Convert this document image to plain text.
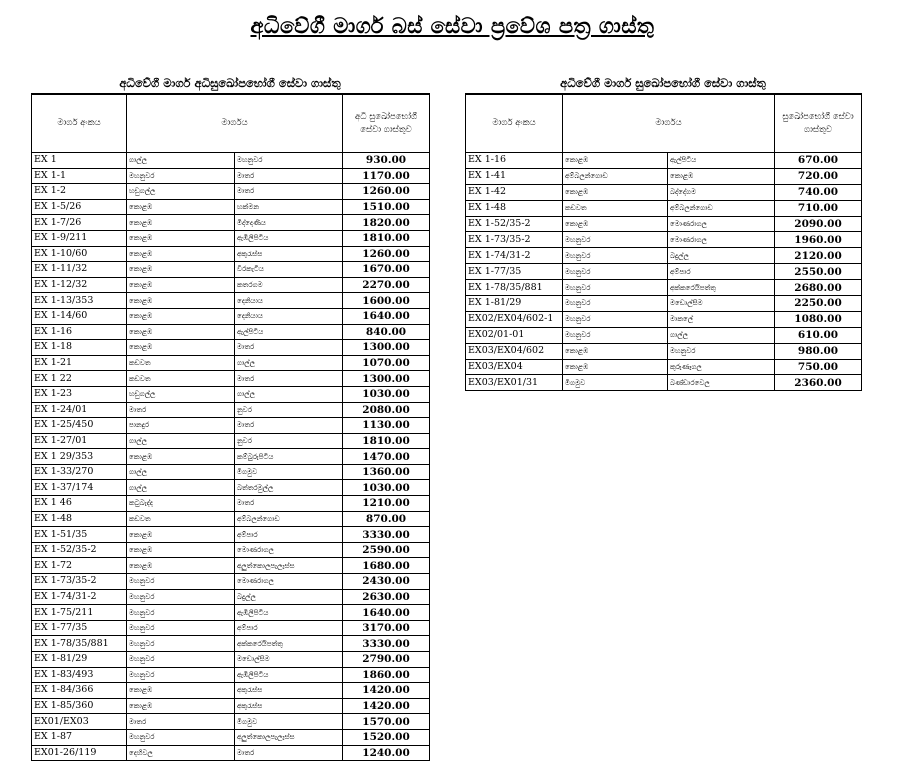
අධිවේගී මාර්ග බස් සේවා ප්‍රවේශ පත්‍ර ගාස්තු
අධිවේගී මාර්ග අධිසුඛෝපභෝගී සේවා ගාස්තු	අධිවේගී මාර්ග සුඛෝපභෝගී සේවා ගාස්තු
මාර්ග අංකය	මාර්ගය		අධි සුඛෝපභෝගී සේවා ගාස්තුව
EX 1	ගාල්ල	මහනුවර	930.00
EX 1-1	මහනුවර	මාතර	1170.00
EX 1-2	හඩුගල්ල	මාතර	1260.00
EX 1-5/26	කොළඹ	හක්මන	1510.00
EX 1-7/26	කොළඹ	මිද්දෙණිය	1820.00
EX 1-9/211	කොළඹ	ඇඹිලිපිටිය	1810.00
EX 1-10/60	කොළඹ	අකුරැස්ස	1260.00
EX 1-11/32	කොළඹ	වීරකැටිය	1670.00
EX 1-12/32	කොළඹ	කතරගම	2270.00
EX 1-13/353	කොළඹ	දෙනියාය	1600.00
EX 1-14/60	කොළඹ	දෙනියාය	1640.00
EX 1-16	කොළඹ	ඇල්පිටිය	840.00
EX 1-18	කොළඹ	මාතර	1300.00
EX 1-21	කඩවත	ගාල්ල	1070.00
EX 1 22	කඩවත	මාතර	1300.00
EX 1-23	හඩුගල්ල	ගාල්ල	1030.00
EX 1-24/01	මාතර	නුවර	2080.00
EX 1-25/450	පානදුර	මාතර	1130.00
EX 1-27/01	ගාල්ල	නුවර	1810.00
EX 1 29/353	කොළඹ	කම්බුරුපිටිය	1470.00
EX 1-33/270	ගාල්ල	මීගමුව	1360.00
EX 1-37/174	ගාල්ල	බත්තරමුල්ල	1030.00
EX 1 46	කටුබැද්ද	මාතර	1210.00
EX 1-48	කඩවත	අම්බලන්ගොඩ	870.00
EX 1-51/35	කොළඹ	අම්පාර	3330.00
EX 1-52/35-2	කොළඹ	මොණරාගල	2590.00
EX 1-72	කොළඹ	අලුත්කොලපැලැස්ස	1680.00
EX 1-73/35-2	මහනුවර	මොණරාගල	2430.00
EX 1-74/31-2	මහනුවර	බදුල්ල	2630.00
EX 1-75/211	මහනුවර	ඇඹිලිපිටිය	1640.00
EX 1-77/35	මහනුවර	අම්පාර	3170.00
EX 1-78/35/881	මහනුවර	අක්කරෙයිපත්තු	3330.00
EX 1-81/29	මහනුවර	මඩොල්සිම	2790.00
EX 1-83/493	මහනුවර	ඇඹිලිපිටිය	1860.00
EX 1-84/366	කොළඹ	අකුරැස්ස	1420.00
EX 1-85/360	කොළඹ	අකුරැස්ස	1420.00
EX01/EX03	මාතර	මීගමුව	1570.00
EX 1-87	මහනුවර	අලුත්කොලපැලැස්ස	1520.00
EX01-26/119	දෙහිවල	මාතර	1240.00
මාර්ග අංකය	මාර්ගය		සුඛෝපභෝගී සේවා ගාස්තුව
EX 1-16	කොළඹ	ඇල්පිටිය	670.00
EX 1-41	අම්බලන්ගොඩ	කොළඹ	720.00
EX 1-42	කොළඹ	බද්දේගම	740.00
EX 1-48	කඩවත	අම්බලන්ගොඩ	710.00
EX 1-52/35-2	කොළඹ	මොණරාගල	2090.00
EX 1-73/35-2	මහනුවර	මොණරාගල	1960.00
EX 1-74/31-2	මහනුවර	බදුල්ල	2120.00
EX 1-77/35	මහනුවර	අම්පාර	2550.00
EX 1-78/35/881	මහනුවර	අක්කරෙයිපත්තු	2680.00
EX 1-81/29	මහනුවර	මඩොල්සිම	2250.00
EX02/EX04/602-1	මහනුවර	මාකලේ	1080.00
EX02/01-01	මහනුවර	ගාල්ල	610.00
EX03/EX04/602	කොළඹ	මහනුවර	980.00
EX03/EX04	කොළඹ	කුරුණෑගල	750.00
EX03/EX01/31	මීගමුව	බණ්ඩාරවෙල	2360.00
